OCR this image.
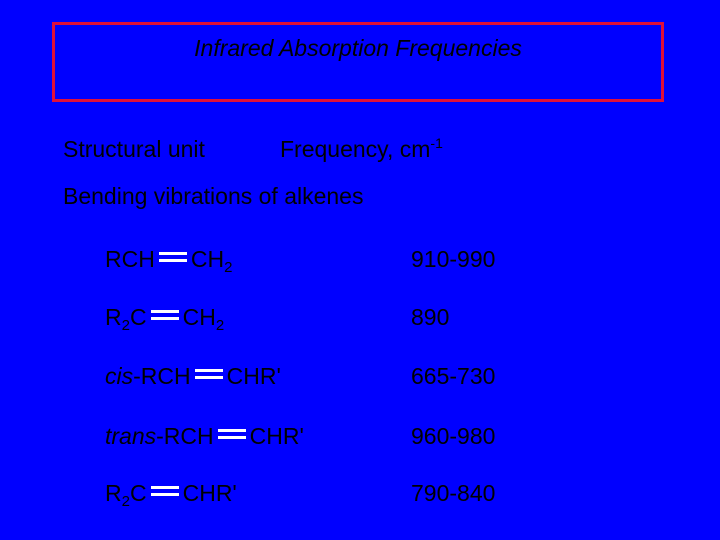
Infrared Absorption Frequencies
Structural unit	Frequency, $cm^{-1}$
Bending vibrations of alkenes
RCH $CH_2$	910-990
$R_2C$ $CH_2$	890
cis-RCH CHR'	665-730
trans-RCH CHR'	960-980
$R_2C$ CHR'	790-840
